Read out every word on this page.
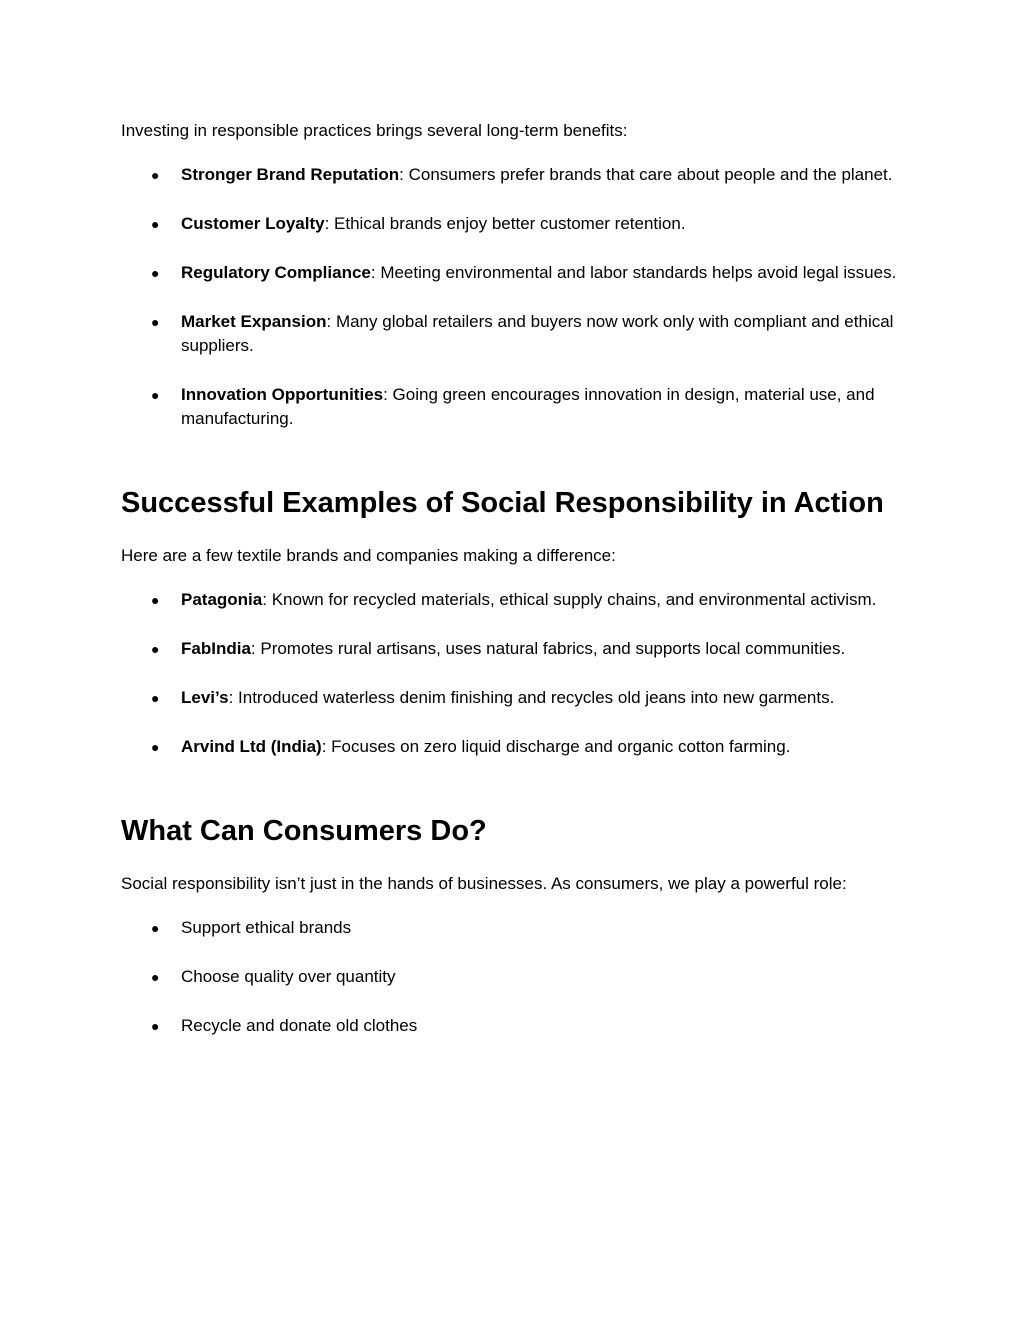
Investing in responsible practices brings several long-term benefits:

● Stronger Brand Reputation: Consumers prefer brands that care about people and the planet.
● Customer Loyalty: Ethical brands enjoy better customer retention.
● Regulatory Compliance: Meeting environmental and labor standards helps avoid legal issues.
● Market Expansion: Many global retailers and buyers now work only with compliant and ethical suppliers.
● Innovation Opportunities: Going green encourages innovation in design, material use, and manufacturing.
Successful Examples of Social Responsibility in Action

Here are a few textile brands and companies making a difference:

● Patagonia: Known for recycled materials, ethical supply chains, and environmental activism.
● FabIndia: Promotes rural artisans, uses natural fabrics, and supports local communities.
● Levi’s: Introduced waterless denim finishing and recycles old jeans into new garments.
● Arvind Ltd (India): Focuses on zero liquid discharge and organic cotton farming.
What Can Consumers Do?

Social responsibility isn’t just in the hands of businesses. As consumers, we play a powerful role:

● Support ethical brands
● Choose quality over quantity
● Recycle and donate old clothes
